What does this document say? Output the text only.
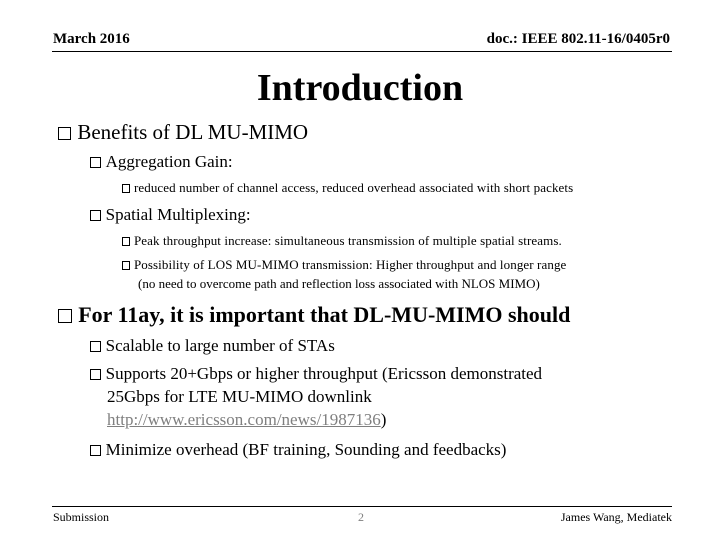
March 2016	doc.: IEEE 802.11-16/0405r0
Introduction
Benefits of DL MU-MIMO
Aggregation Gain:
reduced number of channel access, reduced overhead associated with short packets
Spatial Multiplexing:
Peak throughput increase: simultaneous transmission of multiple spatial streams.
Possibility of LOS MU-MIMO transmission: Higher throughput and longer range
(no need to overcome path and reflection loss associated with NLOS MIMO)
For 11ay, it is important that DL-MU-MIMO should
Scalable to large number of STAs
Supports 20+Gbps or higher throughput (Ericsson demonstrated
25Gbps for LTE MU-MIMO downlink
http://www.ericsson.com/news/1987136)
Minimize overhead (BF training, Sounding and feedbacks)
Submission	2	James Wang, Mediatek
